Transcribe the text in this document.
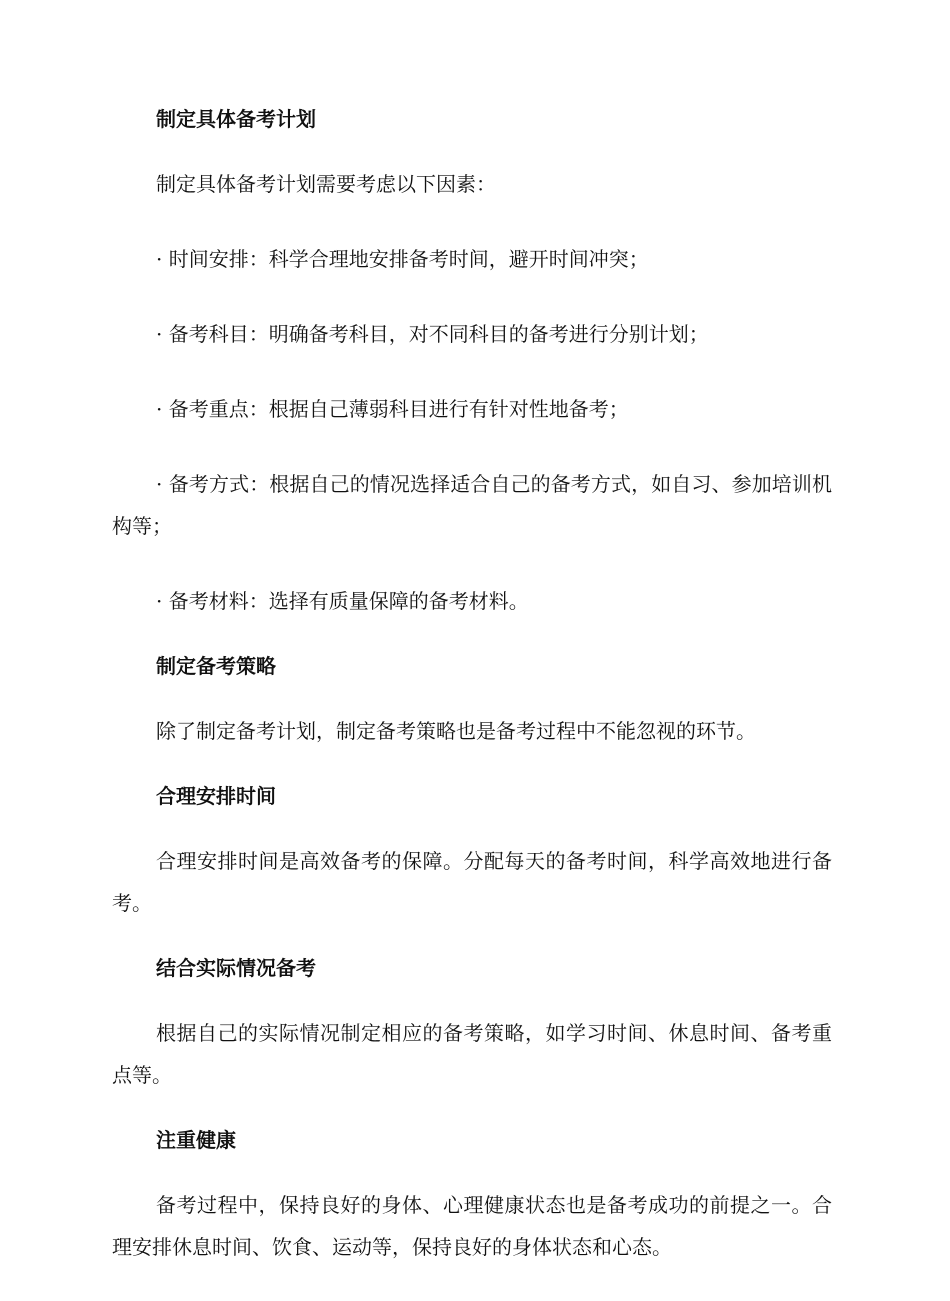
制定具体备考计划

制定具体备考计划需要考虑以下因素：

· 时间安排：科学合理地安排备考时间，避开时间冲突；
· 备考科目：明确备考科目，对不同科目的备考进行分别计划；
· 备考重点：根据自己薄弱科目进行有针对性地备考；
· 备考方式：根据自己的情况选择适合自己的备考方式，如自习、参加培训机构等；
· 备考材料：选择有质量保障的备考材料。
制定备考策略

除了制定备考计划，制定备考策略也是备考过程中不能忽视的环节。

合理安排时间

合理安排时间是高效备考的保障。分配每天的备考时间，科学高效地进行备考。

结合实际情况备考

根据自己的实际情况制定相应的备考策略，如学习时间、休息时间、备考重点等。

注重健康

备考过程中，保持良好的身体、心理健康状态也是备考成功的前提之一。合理安排休息时间、饮食、运动等，保持良好的身体状态和心态。
